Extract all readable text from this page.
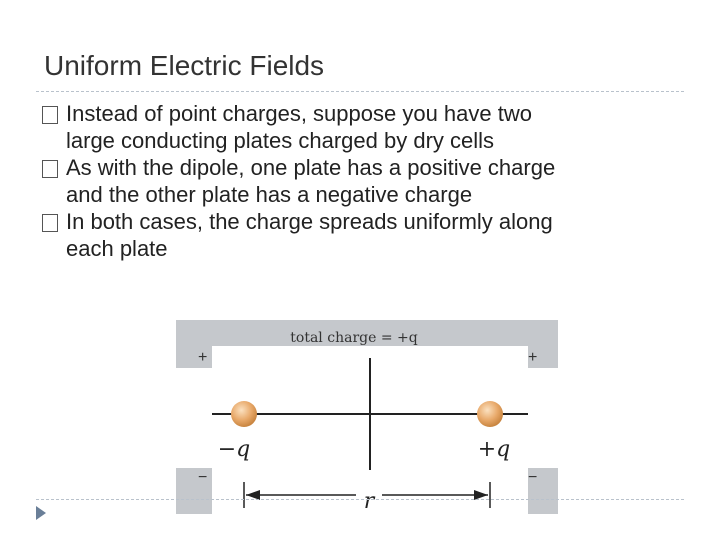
Uniform Electric Fields
Instead of point charges, suppose you have two
large conducting plates charged by dry cells
As with the dipole, one plate has a positive charge
and the other plate has a negative charge
In both cases, the charge spreads uniformly along
each plate
total charge = +q
+	+
−	−
−q	+q
r
